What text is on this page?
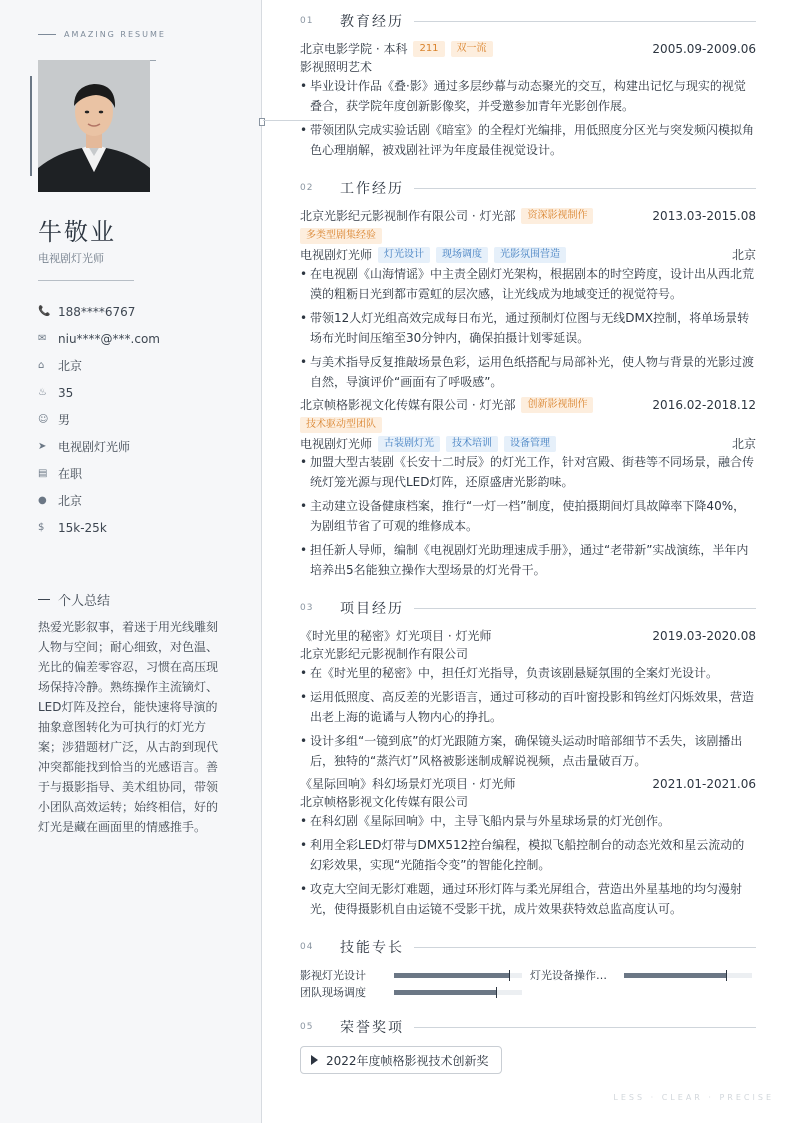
AMAZING RESUME
牛敬业
电视剧灯光师
📞 188****6767
✉ niu****@***.com
⌂	北京
♨ 35
☺ 男
➤ 电视剧灯光师
▤ 在职
● 北京
$	15k-25k
个人总结
热爱光影叙事，着迷于用光线雕刻人物与空间；耐心细致，对色温、光比的偏差零容忍，习惯在高压现场保持冷静。熟练操作主流镝灯、LED灯阵及控台，能快速将导演的抽象意图转化为可执行的灯光方案；涉猎题材广泛，从古韵到现代冲突都能找到恰当的光感语言。善于与摄影指导、美术组协同，带领小团队高效运转；始终相信，好的灯光是藏在画面里的情感推手。
01	教育经历
北京电影学院 · 本科	211	双一流	2005.09-2009.06
影视照明艺术
• 毕业设计作品《叠·影》通过多层纱幕与动态聚光的交互，构建出记忆与现实的视觉叠合，获学院年度创新影像奖，并受邀参加青年光影创作展。
• 带领团队完成实验话剧《暗室》的全程灯光编排，用低照度分区光与突发频闪模拟角色心理崩解，被戏剧社评为年度最佳视觉设计。
02	工作经历
北京光影纪元影视制作有限公司 · 灯光部	资深影视制作	2013.03-2015.08
多类型剧集经验
电视剧灯光师	灯光设计	现场调度	光影氛围营造	北京
• 在电视剧《山海情谣》中主责全剧灯光架构，根据剧本的时空跨度，设计出从西北荒漠的粗粝日光到都市霓虹的层次感，让光线成为地域变迁的视觉符号。
• 带领12人灯光组高效完成每日布光，通过预制灯位图与无线DMX控制，将单场景转场布光时间压缩至30分钟内，确保拍摄计划零延误。
• 与美术指导反复推敲场景色彩，运用色纸搭配与局部补光，使人物与背景的光影过渡自然，导演评价“画面有了呼吸感”。
北京帧格影视文化传媒有限公司 · 灯光部	创新影视制作	2016.02-2018.12
技术驱动型团队
电视剧灯光师	古装剧灯光	技术培训	设备管理	北京
• 加盟大型古装剧《长安十二时辰》的灯光工作，针对宫殿、街巷等不同场景，融合传统灯笼光源与现代LED灯阵，还原盛唐光影韵味。
• 主动建立设备健康档案，推行“一灯一档”制度，使拍摄期间灯具故障率下降40%，为剧组节省了可观的维修成本。
• 担任新人导师，编制《电视剧灯光助理速成手册》，通过“老带新”实战演练，半年内培养出5名能独立操作大型场景的灯光骨干。
03	项目经历
《时光里的秘密》灯光项目 · 灯光师	2019.03-2020.08
北京光影纪元影视制作有限公司
• 在《时光里的秘密》中，担任灯光指导，负责该剧悬疑氛围的全案灯光设计。
• 运用低照度、高反差的光影语言，通过可移动的百叶窗投影和钨丝灯闪烁效果，营造出老上海的诡谲与人物内心的挣扎。
• 设计多组“一镜到底”的灯光跟随方案，确保镜头运动时暗部细节不丢失，该剧播出后，独特的“蒸汽灯”风格被影迷制成解说视频，点击量破百万。
《星际回响》科幻场景灯光项目 · 灯光师	2021.01-2021.06
北京帧格影视文化传媒有限公司
• 在科幻剧《星际回响》中，主导飞船内景与外星球场景的灯光创作。
• 利用全彩LED灯带与DMX512控台编程，模拟飞船控制台的动态光效和星云流动的幻彩效果，实现“光随指令变”的智能化控制。
• 攻克大空间无影灯难题，通过环形灯阵与柔光屏组合，营造出外星基地的均匀漫射光，使得摄影机自由运镜不受影干扰，成片效果获特效总监高度认可。
04	技能专长
影视灯光设计	灯光设备操作…
团队现场调度
05	荣誉奖项
2022年度帧格影视技术创新奖
LESS · CLEAR · PRECISE
